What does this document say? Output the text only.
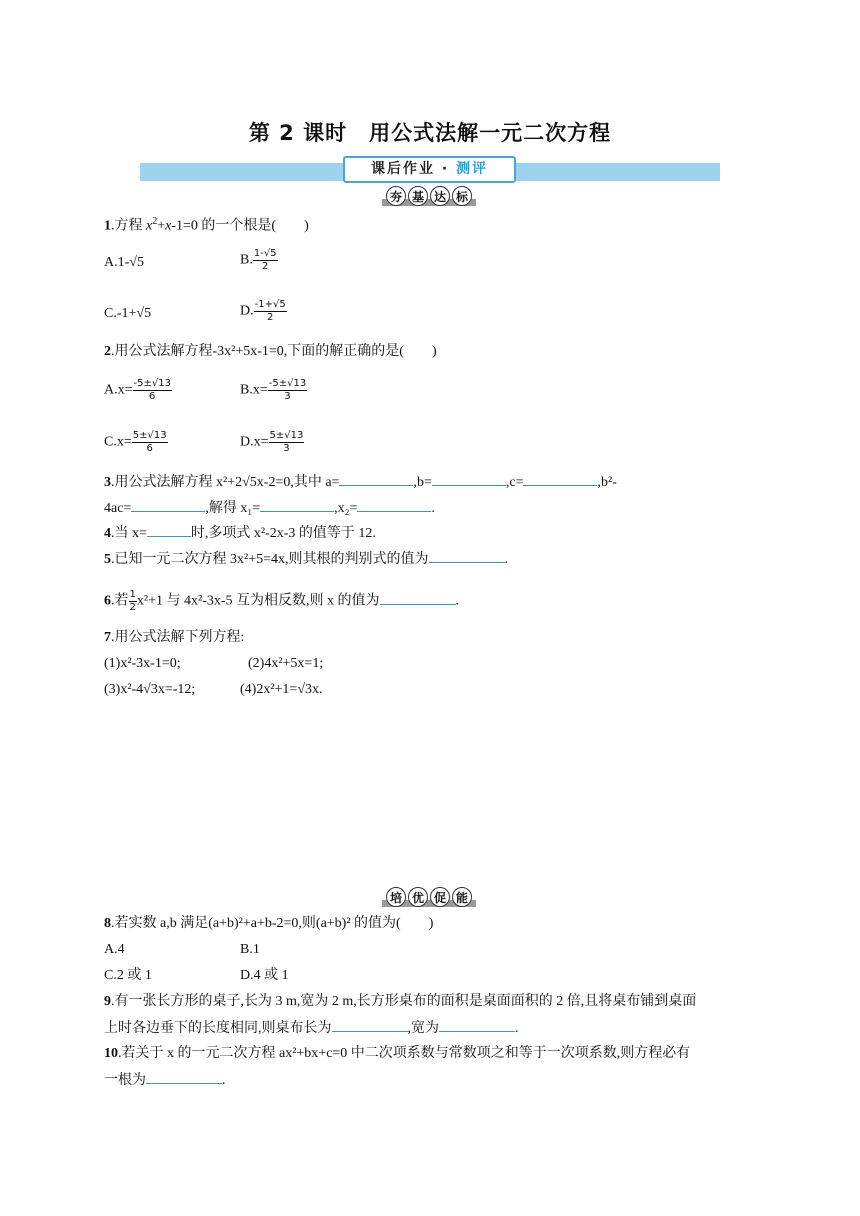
第 2 课时　用公式法解一元二次方程
课后作业 · 测评
夯 基 达 标
1.方程 $x^2+x-1=0$ 的一个根是(　　)
A.1-√5	B. $\frac{1-√5}{2}$
C.-1+√5	D. $\frac{-1+√5}{2}$
2.用公式法解方程-3x²+5x-1=0,下面的解正确的是(　　)
$A.x= \frac{-5\pm√13}{6}$	$B.x= \frac{-5\pm√13}{3}$
$C.x= \frac{5\pm√13}{6}$	$D.x= \frac{5\pm√13}{3}$
3.用公式法解方程 x²+2√5x-2=0,其中 a=	,b=	,c=	,b²-
4ac=	,解得 x₁=	,x₂=	.
4.当 x=	时,多项式 x²-2x-3 的值等于 12.
5.已知一元二次方程 3x²+5=4x,则其根的判别式的值为	.
6.若 $\frac{1}{2} x^2+1$ 与 4x²-3x-5 互为相反数,则 x 的值为	.
7.用公式法解下列方程:
(1)x²-3x-1=0;	(2)4x²+5x=1;
(3)x²-4√3x=-12;	(4)2x²+1=√3x.
培 优 促 能
8.若实数 a,b 满足(a+b)²+a+b-2=0,则(a+b)² 的值为(　　)
A.4	B.1
C.2 或 1	D.4 或 1
9.有一张长方形的桌子,长为 3 m,宽为 2 m,长方形桌布的面积是桌面面积的 2 倍,且将桌布铺到桌面
上时各边垂下的长度相同,则桌布长为	,宽为	.
10.若关于 x 的一元二次方程 ax²+bx+c=0 中二次项系数与常数项之和等于一次项系数,则方程必有
一根为	.
